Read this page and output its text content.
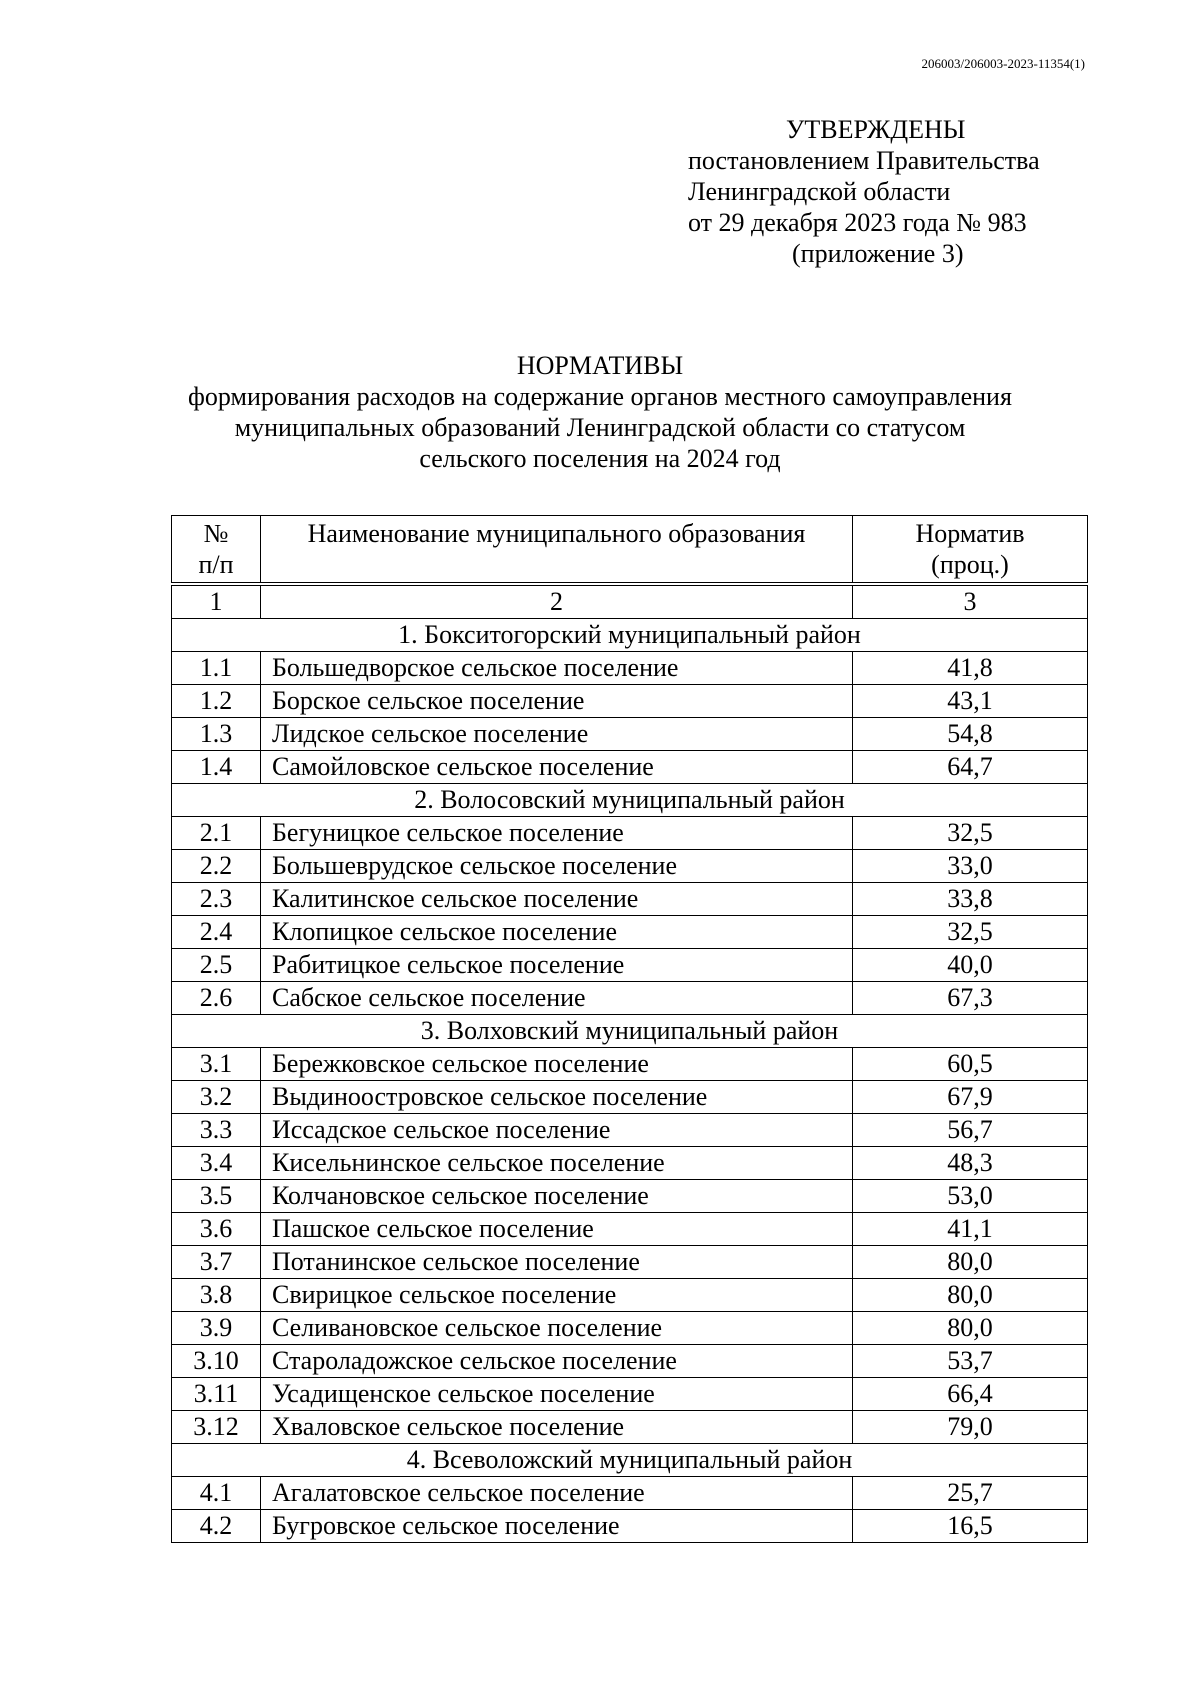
206003/206003-2023-11354(1)
УТВЕРЖДЕНЫ
постановлением Правительства
Ленинградской области
от 29 декабря 2023 года № 983
(приложение 3)
НОРМАТИВЫ
формирования расходов на содержание органов местного самоуправления
муниципальных образований Ленинградской области со статусом
сельского поселения на 2024 год
№
п/п	Наименование муниципального образования	Норматив
(проц.)

1	2	3
1. Бокситогорский муниципальный район		
1.1	Большедворское сельское поселение	41,8
1.2	Борское сельское поселение	43,1
1.3	Лидское сельское поселение	54,8
1.4	Самойловское сельское поселение	64,7
2. Волосовский муниципальный район		
2.1	Бегуницкое сельское поселение	32,5
2.2	Большеврудское сельское поселение	33,0
2.3	Калитинское сельское поселение	33,8
2.4	Клопицкое сельское поселение	32,5
2.5	Рабитицкое сельское поселение	40,0
2.6	Сабское сельское поселение	67,3
3. Волховский муниципальный район		
3.1	Бережковское сельское поселение	60,5
3.2	Выдиноостровское сельское поселение	67,9
3.3	Иссадское сельское поселение	56,7
3.4	Кисельнинское сельское поселение	48,3
3.5	Колчановское сельское поселение	53,0
3.6	Пашское сельское поселение	41,1
3.7	Потанинское сельское поселение	80,0
3.8	Свирицкое сельское поселение	80,0
3.9	Селивановское сельское поселение	80,0
3.10	Староладожское сельское поселение	53,7
3.11	Усадищенское сельское поселение	66,4
3.12	Хваловское сельское поселение	79,0
4. Всеволожский муниципальный район		
4.1	Агалатовское сельское поселение	25,7
4.2	Бугровское сельское поселение	16,5
